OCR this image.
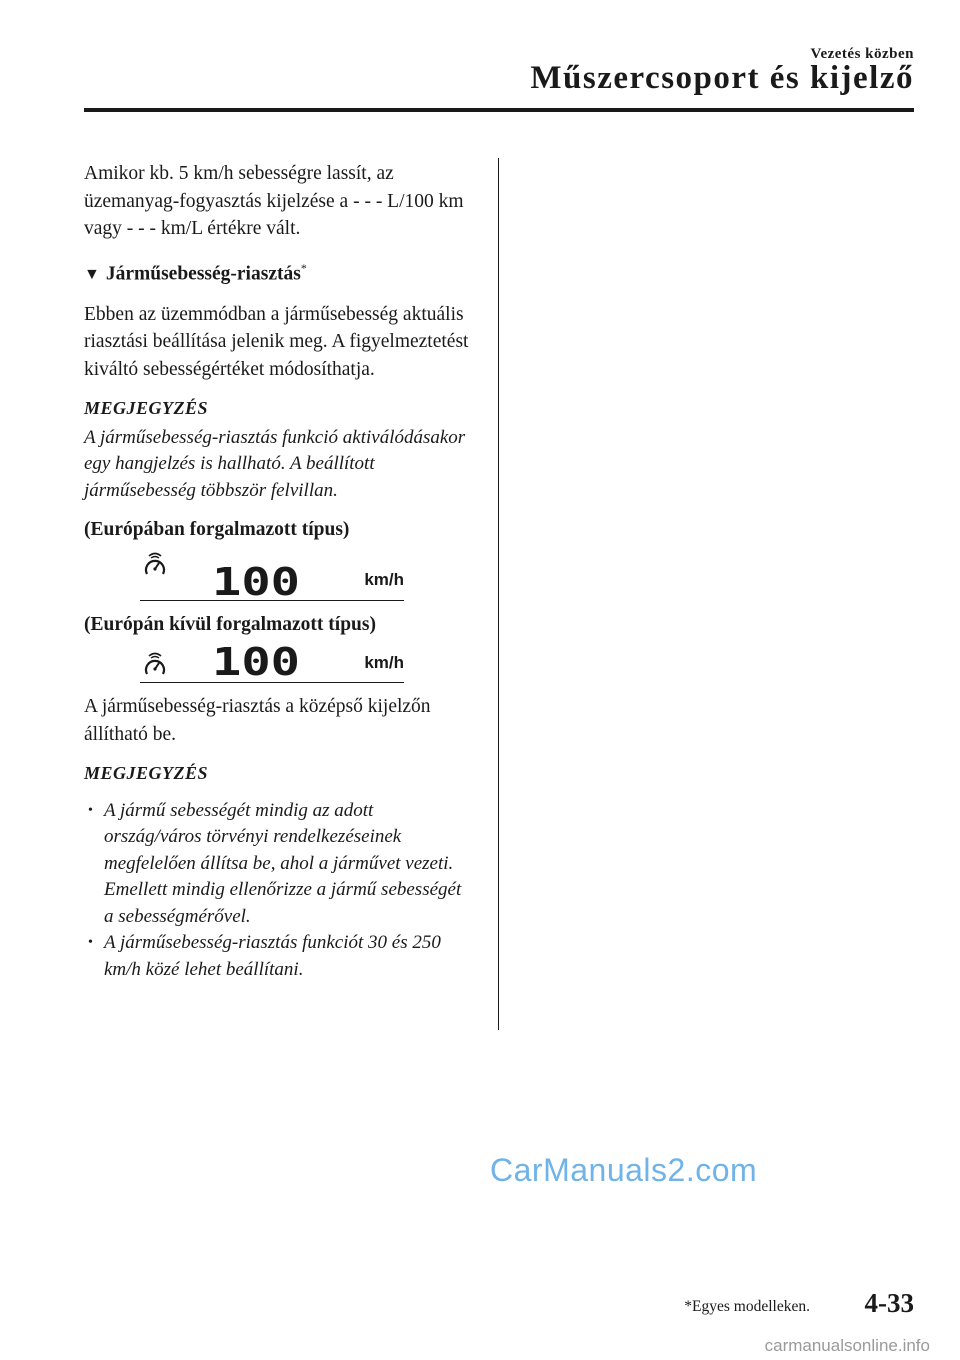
Vezetés közben
Műszercsoport és kijelző

Amikor kb. 5 km/h sebességre lassít, az üzemanyag-fogyasztás kijelzése a - - - L/100 km vagy - - - km/L értékre vált.

▼ Járműsebesség-riasztás*

Ebben az üzemmódban a járműsebesség aktuális riasztási beállítása jelenik meg. A figyelmeztetést kiváltó sebességértéket módosíthatja.

MEGJEGYZÉS

A járműsebesség-riasztás funkció aktiválódásakor egy hangjelzés is hallható. A beállított járműsebesség többször felvillan.

(Európában forgalmazott típus)
100	km/h
(Európán kívül forgalmazott típus)
100	km/h

A járműsebesség-riasztás a középső kijelzőn állítható be.

MEGJEGYZÉS
• A jármű sebességét mindig az adott ország/város törvényi rendelkezéseinek megfelelően állítsa be, ahol a járművet vezeti. Emellett mindig ellenőrizze a jármű sebességét a sebességmérővel.
• A járműsebesség-riasztás funkciót 30 és 250 km/h közé lehet beállítani.
CarManuals2.com
*Egyes modelleken. 4-33
carmanualsonline.info
